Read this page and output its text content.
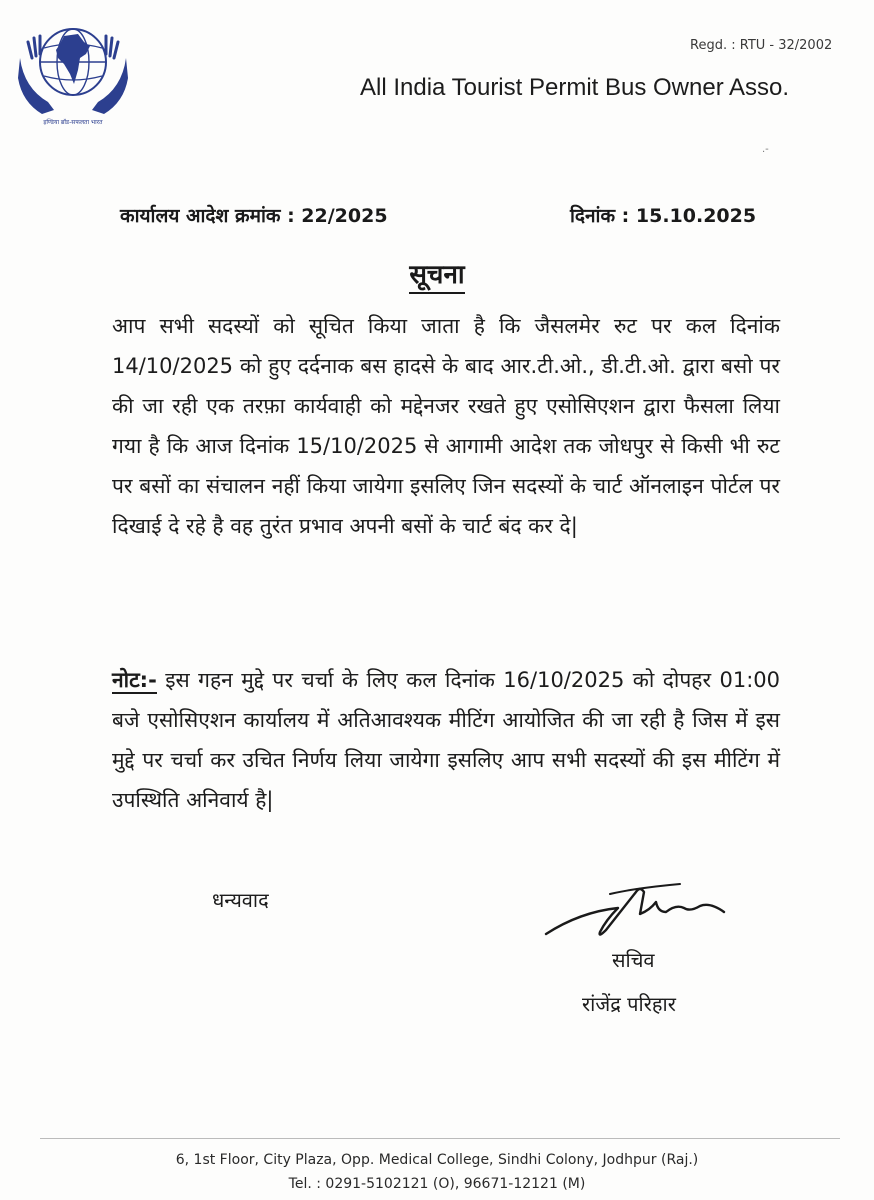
इण्डिया ब्रॉड-सफलता भारत
Regd. : RTU - 32/2002
All India Tourist Permit Bus Owner Asso.
.-
कार्यालय आदेश क्रमांक : 22/2025	दिनांक : 15.10.2025
सूचना
आप सभी सदस्यों को सूचित किया जाता है कि जैसलमेर रुट पर कल दिनांक 14/10/2025 को हुए दर्दनाक बस हादसे के बाद आर.टी.ओ., डी.टी.ओ. द्वारा बसो पर की जा रही एक तरफ़ा कार्यवाही को मद्देनजर रखते हुए एसोसिएशन द्वारा फैसला लिया गया है कि आज दिनांक 15/10/2025 से आगामी आदेश तक जोधपुर से किसी भी रुट पर बसों का संचालन नहीं किया जायेगा इसलिए जिन सदस्यों के चार्ट ऑनलाइन पोर्टल पर दिखाई दे रहे है वह तुरंत प्रभाव अपनी बसों के चार्ट बंद कर दे|
नोट:- इस गहन मुद्दे पर चर्चा के लिए कल दिनांक 16/10/2025 को दोपहर 01:00 बजे एसोसिएशन कार्यालय में अतिआवश्यक मीटिंग आयोजित की जा रही है जिस में इस मुद्दे पर चर्चा कर उचित निर्णय लिया जायेगा इसलिए आप सभी सदस्यों की इस मीटिंग में उपस्थिति अनिवार्य है|
धन्यवाद
सचिव
रांजेंद्र परिहार
6, 1st Floor, City Plaza, Opp. Medical College, Sindhi Colony, Jodhpur (Raj.)
Tel. : 0291-5102121 (O), 96671-12121 (M)
